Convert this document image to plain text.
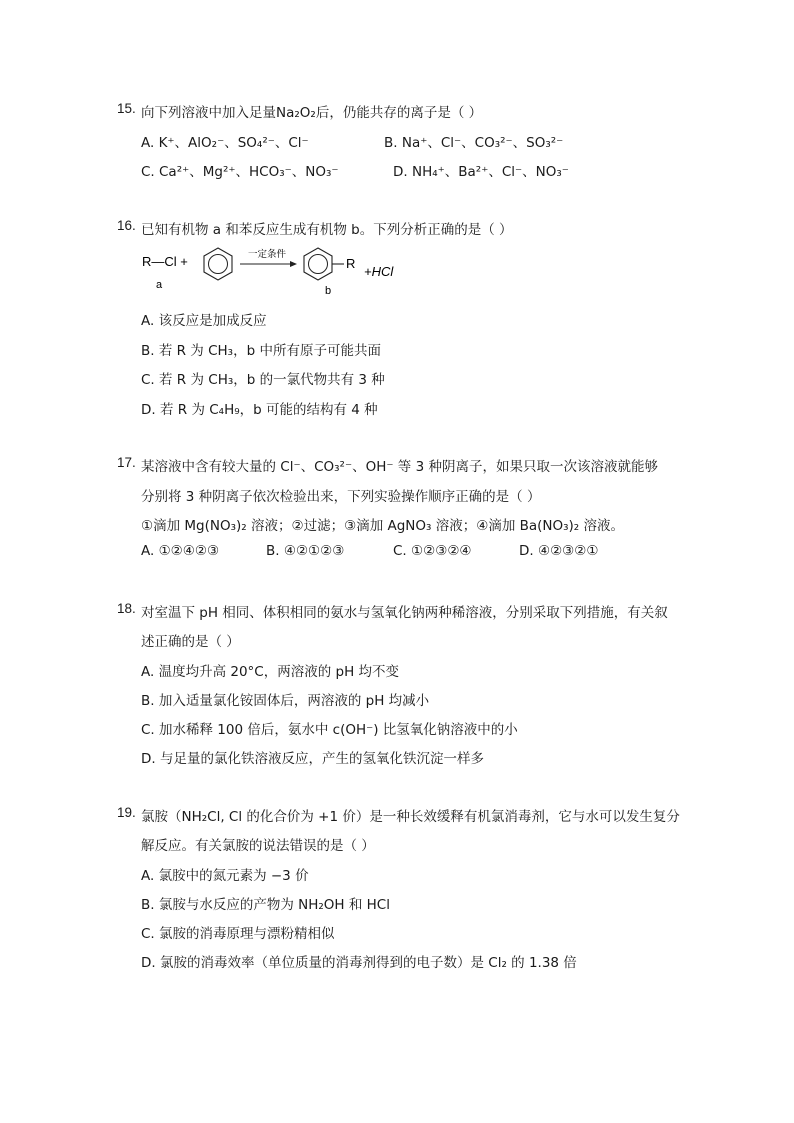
15. 向下列溶液中加入足量Na₂O₂后，仍能共存的离子是（ ）
A. K⁺、AlO₂⁻、SO₄²⁻、Cl⁻	B. Na⁺、Cl⁻、CO₃²⁻、SO₃²⁻
C. Ca²⁺、Mg²⁺、HCO₃⁻、NO₃⁻	D. NH₄⁺、Ba²⁺、Cl⁻、NO₃⁻
16. 已知有机物 a 和苯反应生成有机物 b。下列分析正确的是（ ）
R—Cl +
a
一定条件
R
b
+HCl
A. 该反应是加成反应
B. 若 R 为 CH₃，b 中所有原子可能共面
C. 若 R 为 CH₃，b 的一氯代物共有 3 种
D. 若 R 为 C₄H₉，b 可能的结构有 4 种
17. 某溶液中含有较大量的 Cl⁻、CO₃²⁻、OH⁻ 等 3 种阴离子，如果只取一次该溶液就能够
分别将 3 种阴离子依次检验出来，下列实验操作顺序正确的是（ ）
①滴加 Mg(NO₃)₂ 溶液；②过滤；③滴加 AgNO₃ 溶液；④滴加 Ba(NO₃)₂ 溶液。
A. ①②④②③	B. ④②①②③	C. ①②③②④	D. ④②③②①
18. 对室温下 pH 相同、体积相同的氨水与氢氧化钠两种稀溶液，分别采取下列措施，有关叙
述正确的是（ ）
A. 温度均升高 20°C，两溶液的 pH 均不变
B. 加入适量氯化铵固体后，两溶液的 pH 均减小
C. 加水稀释 100 倍后，氨水中 c(OH⁻) 比氢氧化钠溶液中的小
D. 与足量的氯化铁溶液反应，产生的氢氧化铁沉淀一样多
19. 氯胺（NH₂Cl, Cl 的化合价为 +1 价）是一种长效缓释有机氯消毒剂，它与水可以发生复分
解反应。有关氯胺的说法错误的是（ ）
A. 氯胺中的氮元素为 −3 价
B. 氯胺与水反应的产物为 NH₂OH 和 HCl
C. 氯胺的消毒原理与漂粉精相似
D. 氯胺的消毒效率（单位质量的消毒剂得到的电子数）是 Cl₂ 的 1.38 倍
